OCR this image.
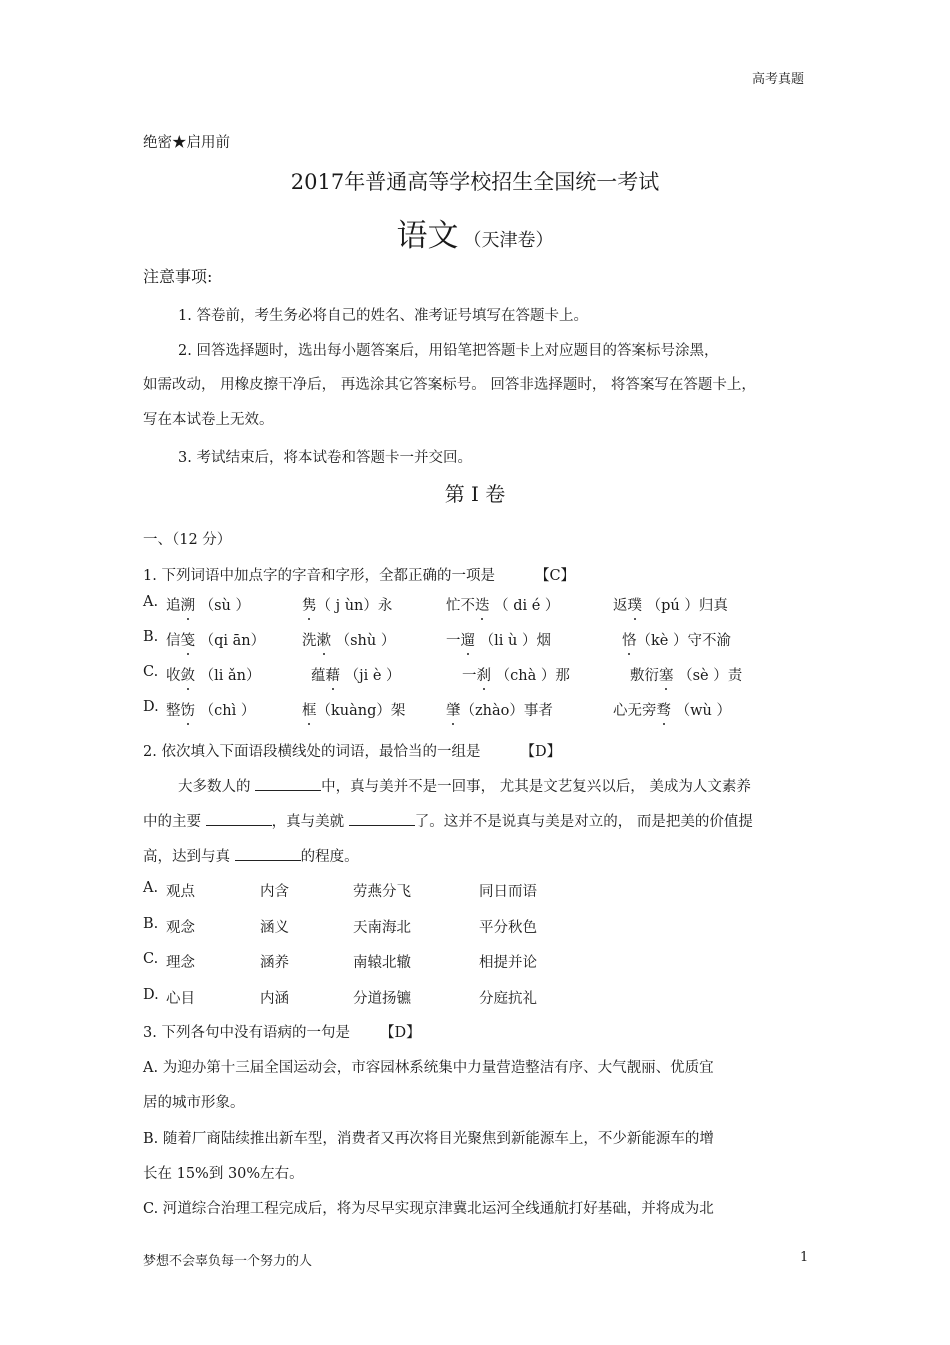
高考真题
绝密★启用前
2017年普通高等学校招生全国统一考试
语文 （天津卷）
注意事项:
1. 答卷前，考生务必将自己的姓名、准考证号填写在答题卡上。
2. 回答选择题时，选出每小题答案后，用铅笔把答题卡上对应题目的答案标号涂黑，
如需改动， 用橡皮擦干净后， 再选涂其它答案标号。 回答非选择题时， 将答案写在答题卡上，
写在本试卷上无效。
3. 考试结束后，将本试卷和答题卡一并交回。
第 I 卷
一、（12 分）
1. 下列词语中加点字的字音和字形，全都正确的一项是	【C】
A. 追溯 （sù ）	隽（ j ùn）永	忙不迭 （ di é ）	返璞 （pú ）归真
B. 信笺 （qi ān）	洗漱 （shù ）	一遛 （li ù ）烟	恪（kè ）守不渝
C. 收敛 （li ǎn）	蕴藉 （ji è ）	一刹 （chà ）那	敷衍塞 （sè ）责
D. 整饬 （chì ）	框（kuàng）架	肇（zhào）事者	心无旁骛 （wù ）
2. 依次填入下面语段横线处的词语，最恰当的一组是	【D】
大多数人的	中，真与美并不是一回事， 尤其是文艺复兴以后， 美成为人文素养
中的主要	，真与美就	了。这并不是说真与美是对立的， 而是把美的价值提
高，达到与真	的程度。
A. 观点	内含	劳燕分飞	同日而语
B. 观念	涵义	天南海北	平分秋色
C. 理念	涵养	南辕北辙	相提并论
D. 心目	内涵	分道扬镳	分庭抗礼
3. 下列各句中没有语病的一句是 【D】
A. 为迎办第十三届全国运动会，市容园林系统集中力量营造整洁有序、大气靓丽、优质宜
居的城市形象。
B. 随着厂商陆续推出新车型，消费者又再次将目光聚焦到新能源车上，不少新能源车的增
长在 15%到 30%左右。
C. 河道综合治理工程完成后，将为尽早实现京津冀北运河全线通航打好基础，并将成为北
梦想不会辜负每一个努力的人	1
